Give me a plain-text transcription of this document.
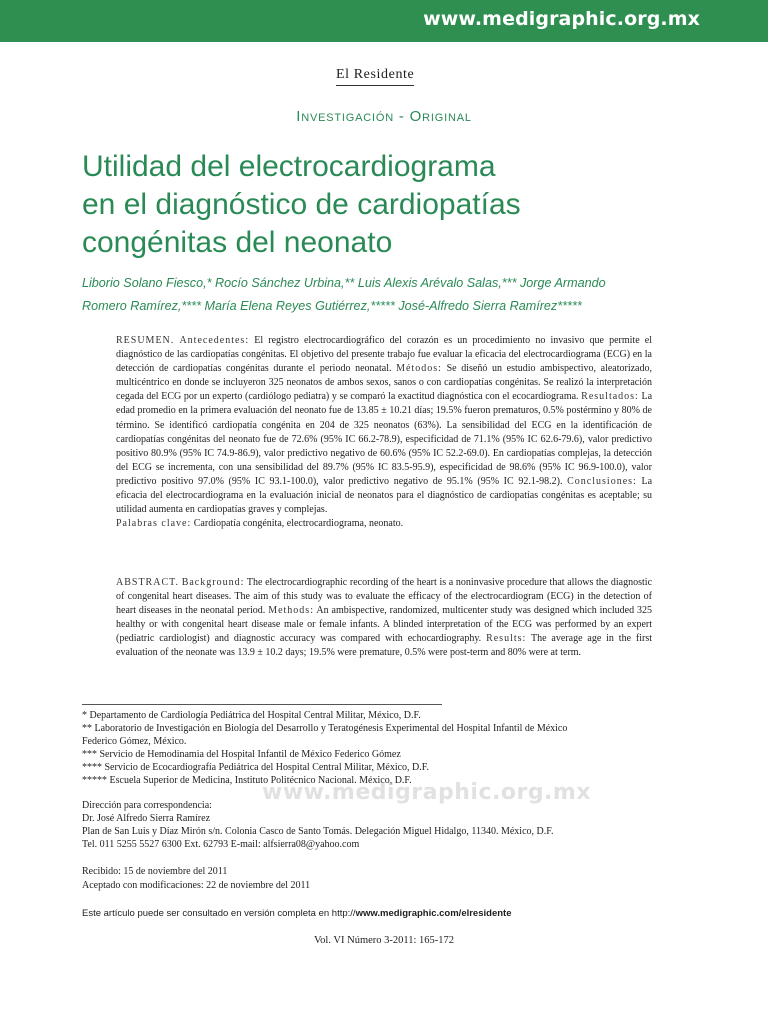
www.medigraphic.org.mx
El Residente
Investigación - Original
Utilidad del electrocardiograma
en el diagnóstico de cardiopatías
congénitas del neonato
Liborio Solano Fiesco,* Rocío Sánchez Urbina,** Luis Alexis Arévalo Salas,*** Jorge Armando
Romero Ramírez,**** María Elena Reyes Gutiérrez,***** José-Alfredo Sierra Ramírez*****
RESUMEN. Antecedentes: El registro electrocardiográfico del corazón es un procedimiento no invasivo que permite el diagnóstico de las cardiopatías congénitas. El objetivo del presente trabajo fue evaluar la eficacia del electrocardiograma (ECG) en la detección de cardiopatías congénitas durante el periodo neonatal. Métodos: Se diseñó un estudio ambispectivo, aleatorizado, multicéntrico en donde se incluyeron 325 neonatos de ambos sexos, sanos o con cardiopatías congénitas. Se realizó la interpretación cegada del ECG por un experto (cardiólogo pediatra) y se comparó la exactitud diagnóstica con el ecocardiograma. Resultados: La edad promedio en la primera evaluación del neonato fue de 13.85 ± 10.21 días; 19.5% fueron prematuros, 0.5% postérmino y 80% de término. Se identificó cardiopatía congénita en 204 de 325 neonatos (63%). La sensibilidad del ECG en la identificación de cardiopatías congénitas del neonato fue de 72.6% (95% IC 66.2-78.9), especificidad de 71.1% (95% IC 62.6-79.6), valor predictivo positivo 80.9% (95% IC 74.9-86.9), valor predictivo negativo de 60.6% (95% IC 52.2-69.0). En cardiopatías complejas, la detección del ECG se incrementa, con una sensibilidad del 89.7% (95% IC 83.5-95.9), especificidad de 98.6% (95% IC 96.9-100.0), valor predictivo positivo 97.0% (95% IC 93.1-100.0), valor predictivo negativo de 95.1% (95% IC 92.1-98.2). Conclusiones: La eficacia del electrocardiograma en la evaluación inicial de neonatos para el diagnóstico de cardiopatías congénitas es aceptable; su utilidad aumenta en cardiopatías graves y complejas.
Palabras clave: Cardiopatía congénita, electrocardiograma, neonato.
ABSTRACT. Background: The electrocardiographic recording of the heart is a noninvasive procedure that allows the diagnostic of congenital heart diseases. The aim of this study was to evaluate the efficacy of the electrocardiogram (ECG) in the detection of heart diseases in the neonatal period. Methods: An ambispective, randomized, multicenter study was designed which included 325 healthy or with congenital heart disease male or female infants. A blinded interpretation of the ECG was performed by an expert (pediatric cardiologist) and diagnostic accuracy was compared with echocardiography. Results: The average age in the first evaluation of the neonate was 13.9 ± 10.2 days; 19.5% were premature, 0.5% were post-term and 80% were at term.
* Departamento de Cardiología Pediátrica del Hospital Central Militar, México, D.F.
** Laboratorio de Investigación en Biología del Desarrollo y Teratogénesis Experimental del Hospital Infantil de México
Federico Gómez, México.
*** Servicio de Hemodinamia del Hospital Infantil de México Federico Gómez
**** Servicio de Ecocardiografía Pediátrica del Hospital Central Militar, México, D.F.
***** Escuela Superior de Medicina, Instituto Politécnico Nacional. México, D.F.
www.medigraphic.org.mx
Dirección para correspondencia:
Dr. José Alfredo Sierra Ramírez
Plan de San Luis y Díaz Mirón s/n. Colonia Casco de Santo Tomás. Delegación Miguel Hidalgo, 11340. México, D.F.
Tel. 011 5255 5527 6300 Ext. 62793 E-mail: alfsierra08@yahoo.com
Recibido: 15 de noviembre del 2011
Aceptado con modificaciones: 22 de noviembre del 2011
Este artículo puede ser consultado en versión completa en http://www.medigraphic.com/elresidente
Vol. VI Número 3-2011: 165-172
